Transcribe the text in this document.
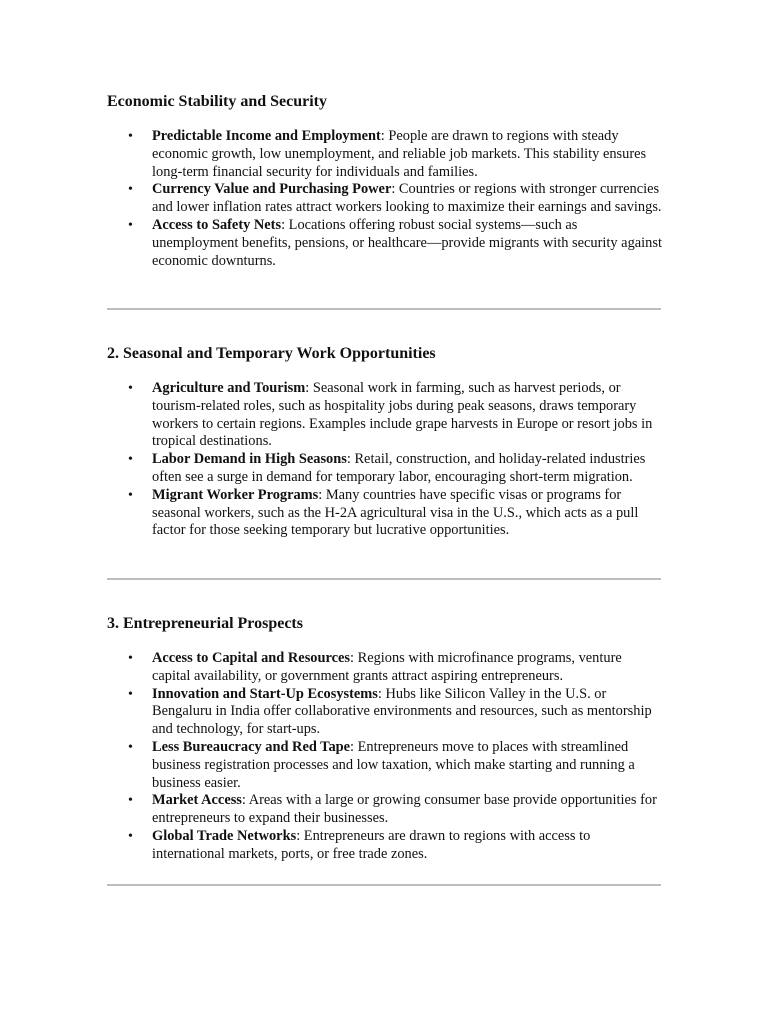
Economic Stability and Security
• Predictable Income and Employment: People are drawn to regions with steady economic growth, low unemployment, and reliable job markets. This stability ensures long-term financial security for individuals and families.
• Currency Value and Purchasing Power: Countries or regions with stronger currencies and lower inflation rates attract workers looking to maximize their earnings and savings.
• Access to Safety Nets: Locations offering robust social systems—such as unemployment benefits, pensions, or healthcare—provide migrants with security against economic downturns.
2. Seasonal and Temporary Work Opportunities
• Agriculture and Tourism: Seasonal work in farming, such as harvest periods, or tourism-related roles, such as hospitality jobs during peak seasons, draws temporary workers to certain regions. Examples include grape harvests in Europe or resort jobs in tropical destinations.
• Labor Demand in High Seasons: Retail, construction, and holiday-related industries often see a surge in demand for temporary labor, encouraging short-term migration.
• Migrant Worker Programs: Many countries have specific visas or programs for seasonal workers, such as the H-2A agricultural visa in the U.S., which acts as a pull factor for those seeking temporary but lucrative opportunities.
3. Entrepreneurial Prospects
• Access to Capital and Resources: Regions with microfinance programs, venture capital availability, or government grants attract aspiring entrepreneurs.
• Innovation and Start-Up Ecosystems: Hubs like Silicon Valley in the U.S. or Bengaluru in India offer collaborative environments and resources, such as mentorship and technology, for start-ups.
• Less Bureaucracy and Red Tape: Entrepreneurs move to places with streamlined business registration processes and low taxation, which make starting and running a business easier.
• Market Access: Areas with a large or growing consumer base provide opportunities for entrepreneurs to expand their businesses.
• Global Trade Networks: Entrepreneurs are drawn to regions with access to international markets, ports, or free trade zones.
